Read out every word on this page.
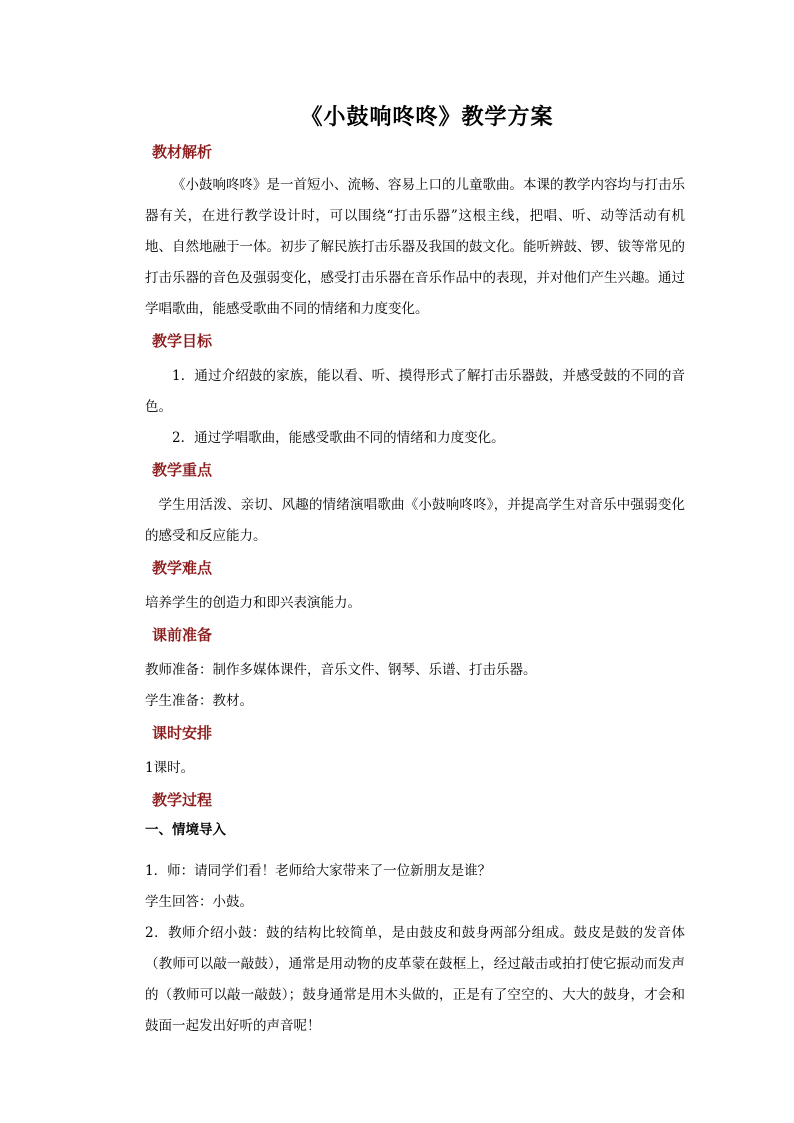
《小鼓响咚咚》教学方案
教材解析

《小鼓响咚咚》是一首短小、流畅、容易上口的儿童歌曲。本课的教学内容均与打击乐器有关，在进行教学设计时，可以围绕“打击乐器”这根主线，把唱、听、动等活动有机地、自然地融于一体。初步了解民族打击乐器及我国的鼓文化。能听辨鼓、锣、钹等常见的打击乐器的音色及强弱变化，感受打击乐器在音乐作品中的表现，并对他们产生兴趣。通过学唱歌曲，能感受歌曲不同的情绪和力度变化。

教学目标

1．通过介绍鼓的家族，能以看、听、摸得形式了解打击乐器鼓，并感受鼓的不同的音色。

2．通过学唱歌曲，能感受歌曲不同的情绪和力度变化。

教学重点

学生用活泼、亲切、风趣的情绪演唱歌曲《小鼓响咚咚》，并提高学生对音乐中强弱变化的感受和反应能力。

教学难点

培养学生的创造力和即兴表演能力。

课前准备

教师准备：制作多媒体课件，音乐文件、钢琴、乐谱、打击乐器。

学生准备：教材。

课时安排

1课时。

教学过程
一、情境导入

1．师：请同学们看！老师给大家带来了一位新朋友是谁？

学生回答：小鼓。

2．教师介绍小鼓：鼓的结构比较简单，是由鼓皮和鼓身两部分组成。鼓皮是鼓的发音体（教师可以敲一敲鼓），通常是用动物的皮革蒙在鼓框上，经过敲击或拍打使它振动而发声的（教师可以敲一敲鼓）；鼓身通常是用木头做的，正是有了空空的、大大的鼓身，才会和鼓面一起发出好听的声音呢！
